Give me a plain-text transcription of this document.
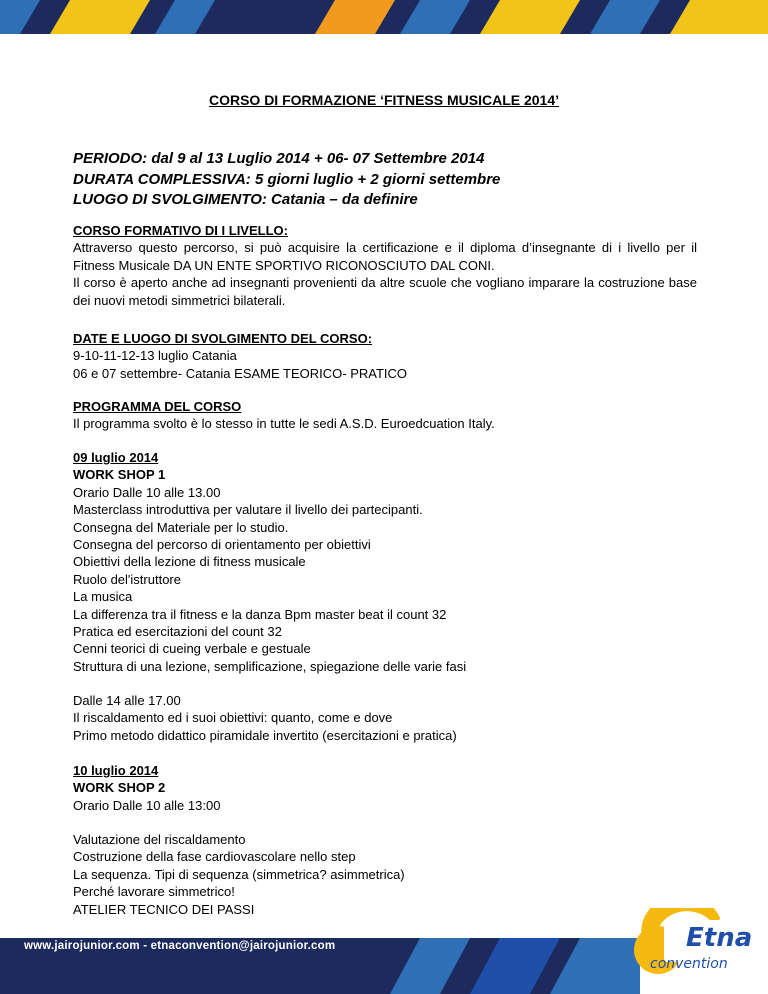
CORSO DI FORMAZIONE ‘FITNESS MUSICALE 2014’
PERIODO: dal 9 al 13 Luglio 2014 + 06- 07 Settembre 2014
DURATA COMPLESSIVA: 5 giorni luglio + 2 giorni settembre
LUOGO DI SVOLGIMENTO: Catania – da definire
CORSO FORMATIVO DI I LIVELLO:

Attraverso questo percorso, si può acquisire la certificazione e il diploma d’insegnante di i livello per il Fitness Musicale DA UN ENTE SPORTIVO RICONOSCIUTO DAL CONI.

Il corso è aperto anche ad insegnanti provenienti da altre scuole che vogliano imparare la costruzione base dei nuovi metodi simmetrici bilaterali.

DATE E LUOGO DI SVOLGIMENTO DEL CORSO:
9-10-11-12-13 luglio Catania
06 e 07 settembre- Catania ESAME TEORICO- PRATICO
PROGRAMMA DEL CORSO
Il programma svolto è lo stesso in tutte le sedi A.S.D. Euroedcuation Italy.
09 luglio 2014
WORK SHOP 1
Orario Dalle 10 alle 13.00
Masterclass introduttiva per valutare il livello dei partecipanti.
Consegna del Materiale per lo studio.
Consegna del percorso di orientamento per obiettivi
Obiettivi della lezione di fitness musicale
Ruolo del'istruttore
La musica
La differenza tra il fitness e la danza Bpm master beat il count 32
Pratica ed esercitazioni del count 32
Cenni teorici di cueing verbale e gestuale
Struttura di una lezione, semplificazione, spiegazione delle varie fasi
Dalle 14 alle 17.00
Il riscaldamento ed i suoi obiettivi: quanto, come e dove
Primo metodo didattico piramidale invertito (esercitazioni e pratica)
10 luglio 2014
WORK SHOP 2
Orario Dalle 10 alle 13:00
Valutazione del riscaldamento
Costruzione della fase cardiovascolare nello step
La sequenza. Tipi di sequenza (simmetrica? asimmetrica)
Perché lavorare simmetrico!
ATELIER TECNICO DEI PASSI
www.jairojunior.com - etnaconvention@jairojunior.com	Etna
convention
